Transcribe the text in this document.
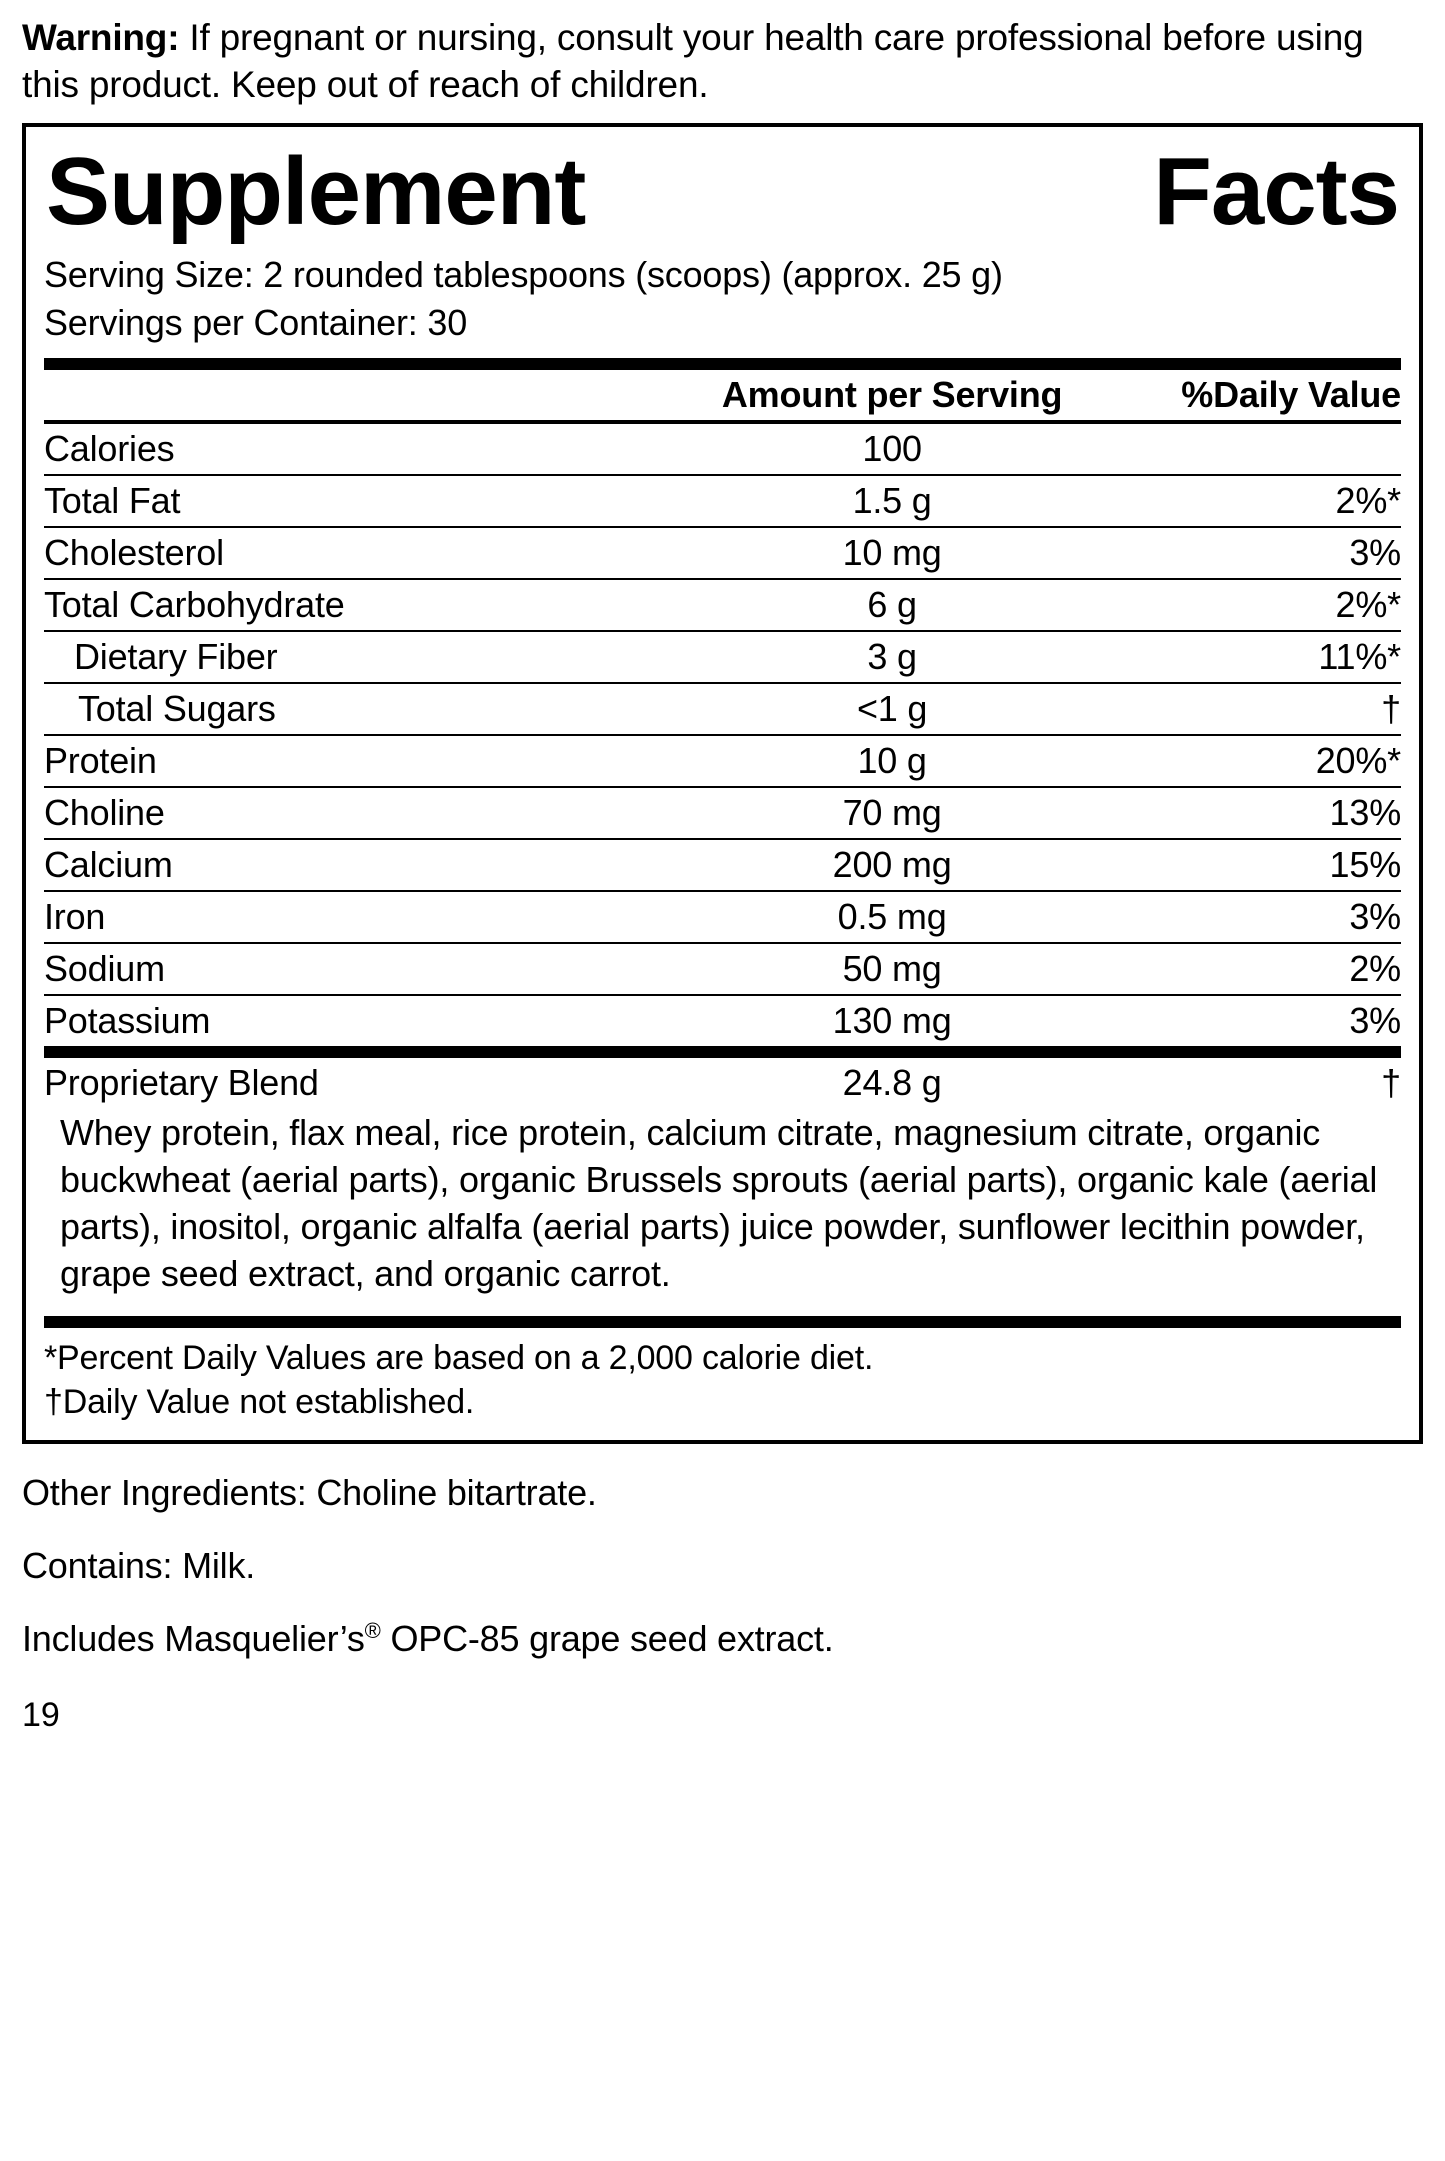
Warning: If pregnant or nursing, consult your health care professional before using this product. Keep out of reach of children.

Supplement	Facts
Serving Size: 2 rounded tablespoons (scoops) (approx. 25 g)
Servings per Container: 30
	Amount per Serving	%Daily Value

Calories	100	
Total Fat	1.5 g	2%*
Cholesterol	10 mg	3%
Total Carbohydrate	6 g	2%*
Dietary Fiber	3 g	11%*
Total Sugars	<1 g	†
Protein	10 g	20%*
Choline	70 mg	13%
Calcium	200 mg	15%
Iron	0.5 mg	3%
Sodium	50 mg	2%
Potassium	130 mg	3%
Proprietary Blend	24.8 g	†
Whey protein, flax meal, rice protein, calcium citrate, magnesium citrate, organic buckwheat (aerial parts), organic Brussels sprouts (aerial parts), organic kale (aerial parts), inositol, organic alfalfa (aerial parts) juice powder, sunflower lecithin powder, grape seed extract, and organic carrot.
*Percent Daily Values are based on a 2,000 calorie diet.
†Daily Value not established.
Other Ingredients: Choline bitartrate.
Contains: Milk.
Includes Masquelier’s® OPC-85 grape seed extract.
19
